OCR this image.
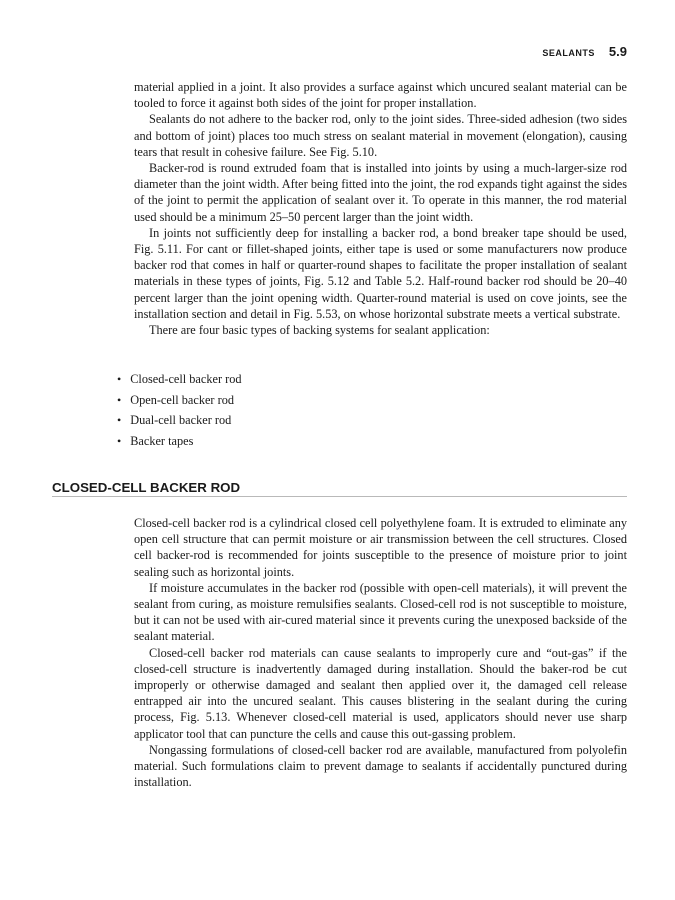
SEALANTS 5.9

material applied in a joint. It also provides a surface against which uncured sealant material can be tooled to force it against both sides of the joint for proper installation.

Sealants do not adhere to the backer rod, only to the joint sides. Three-sided adhesion (two sides and bottom of joint) places too much stress on sealant material in movement (elongation), causing tears that result in cohesive failure. See Fig. 5.10.

Backer-rod is round extruded foam that is installed into joints by using a much-larger-size rod diameter than the joint width. After being fitted into the joint, the rod expands tight against the sides of the joint to permit the application of sealant over it. To operate in this manner, the rod material used should be a minimum 25–50 percent larger than the joint width.

In joints not sufficiently deep for installing a backer rod, a bond breaker tape should be used, Fig. 5.11. For cant or fillet-shaped joints, either tape is used or some manufacturers now produce backer rod that comes in half or quarter-round shapes to facilitate the proper installation of sealant materials in these types of joints, Fig. 5.12 and Table 5.2. Half-round backer rod should be 20–40 percent larger than the joint opening width. Quarter-round material is used on cove joints, see the installation section and detail in Fig. 5.53, on whose horizontal substrate meets a vertical substrate.

There are four basic types of backing systems for sealant application:

• Closed-cell backer rod
• Open-cell backer rod
• Dual-cell backer rod
• Backer tapes
CLOSED-CELL BACKER ROD

Closed-cell backer rod is a cylindrical closed cell polyethylene foam. It is extruded to eliminate any open cell structure that can permit moisture or air transmission between the cell structures. Closed cell backer-rod is recommended for joints susceptible to the presence of moisture prior to joint sealing such as horizontal joints.

If moisture accumulates in the backer rod (possible with open-cell materials), it will prevent the sealant from curing, as moisture remulsifies sealants. Closed-cell rod is not susceptible to moisture, but it can not be used with air-cured material since it prevents curing the unexposed backside of the sealant material.

Closed-cell backer rod materials can cause sealants to improperly cure and “out-gas” if the closed-cell structure is inadvertently damaged during installation. Should the baker-rod be cut improperly or otherwise damaged and sealant then applied over it, the damaged cell release entrapped air into the uncured sealant. This causes blistering in the sealant during the curing process, Fig. 5.13. Whenever closed-cell material is used, applicators should never use sharp applicator tool that can puncture the cells and cause this out-gassing problem.

Nongassing formulations of closed-cell backer rod are available, manufactured from polyolefin material. Such formulations claim to prevent damage to sealants if accidentally punctured during installation.
